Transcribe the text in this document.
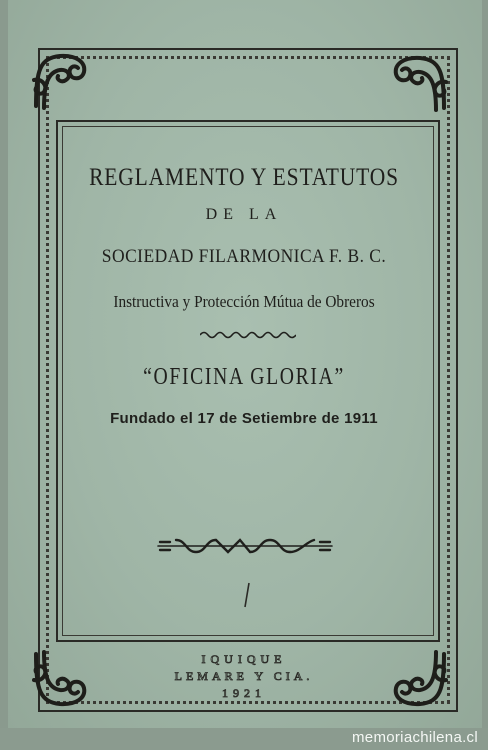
REGLAMENTO Y ESTATUTOS
DE LA
SOCIEDAD FILARMONICA F. B. C.
Instructiva y Protección Mútua de Obreros
“OFICINA GLORIA”
Fundado el 17 de Setiembre de 1911
IQUIQUE
LEMARE Y CIA.
1921
memoriachilena.cl
